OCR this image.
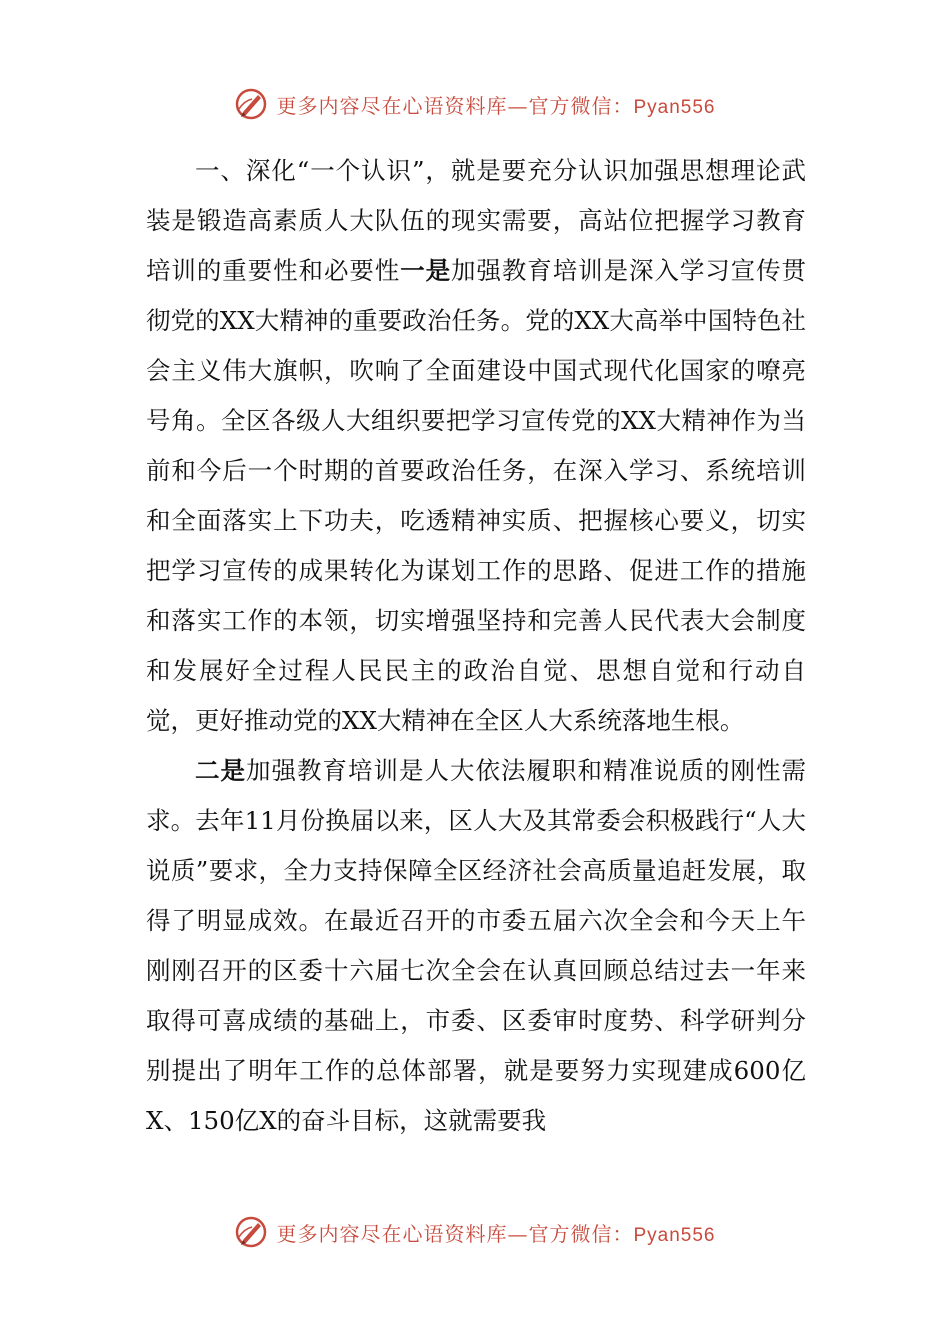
更多内容尽在心语资料库—官方微信：Pyan556

一、深化“一个认识”，就是要充分认识加强思想理论武装是锻造高素质人大队伍的现实需要，高站位把握学习教育培训的重要性和必要性一是加强教育培训是深入学习宣传贯彻党的XX大精神的重要政治任务。党的XX大高举中国特色社会主义伟大旗帜，吹响了全面建设中国式现代化国家的嘹亮号角。全区各级人大组织要把学习宣传党的XX大精神作为当前和今后一个时期的首要政治任务，在深入学习、系统培训和全面落实上下功夫，吃透精神实质、把握核心要义，切实把学习宣传的成果转化为谋划工作的思路、促进工作的措施和落实工作的本领，切实增强坚持和完善人民代表大会制度和发展好全过程人民民主的政治自觉、思想自觉和行动自觉，更好推动党的XX大精神在全区人大系统落地生根。

二是加强教育培训是人大依法履职和精准说质的刚性需求。去年11月份换届以来，区人大及其常委会积极践行“人大说质”要求，全力支持保障全区经济社会高质量追赶发展，取得了明显成效。在最近召开的市委五届六次全会和今天上午刚刚召开的区委十六届七次全会在认真回顾总结过去一年来取得可喜成绩的基础上，市委、区委审时度势、科学研判分别提出了明年工作的总体部署，就是要努力实现建成600亿X、150亿X的奋斗目标，这就需要我

更多内容尽在心语资料库—官方微信：Pyan556
